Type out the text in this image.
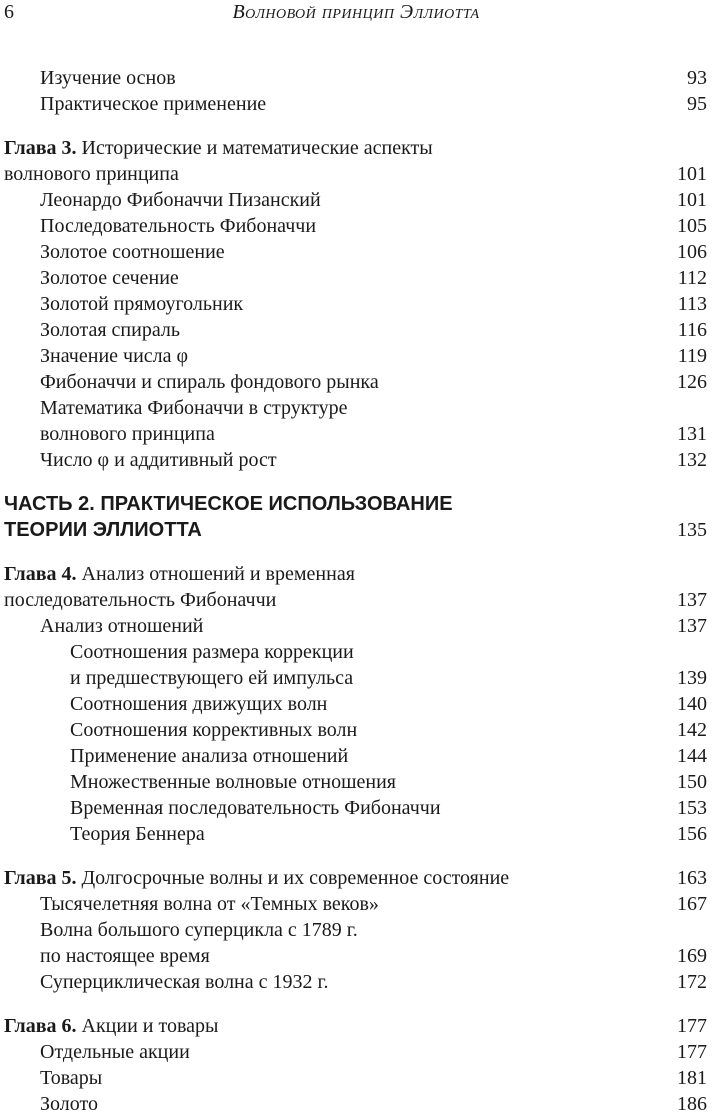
6	Волновой принцип Эллиотта
Изучение основ	93
Практическое применение	95
Глава 3. Исторические и математические аспекты
волнового принципа	101
Леонардо Фибоначчи Пизанский	101
Последовательность Фибоначчи	105
Золотое соотношение	106
Золотое сечение	112
Золотой прямоугольник	113
Золотая спираль	116
Значение числа φ	119
Фибоначчи и спираль фондового рынка	126
Математика Фибоначчи в структуре
волнового принципа	131
Число φ и аддитивный рост	132
ЧАСТЬ 2. ПРАКТИЧЕСКОЕ ИСПОЛЬЗОВАНИЕ
ТЕОРИИ ЭЛЛИОТТА	135
Глава 4. Анализ отношений и временная
последовательность Фибоначчи	137
Анализ отношений	137
Соотношения размера коррекции
и предшествующего ей импульса	139
Соотношения движущих волн	140
Соотношения коррективных волн	142
Применение анализа отношений	144
Множественные волновые отношения	150
Временная последовательность Фибоначчи	153
Теория Беннера	156
Глава 5. Долгосрочные волны и их современное состояние	163
Тысячелетняя волна от «Темных веков»	167
Волна большого суперцикла с 1789 г.
по настоящее время	169
Суперциклическая волна с 1932 г.	172
Глава 6. Акции и товары	177
Отдельные акции	177
Товары	181
Золото	186
